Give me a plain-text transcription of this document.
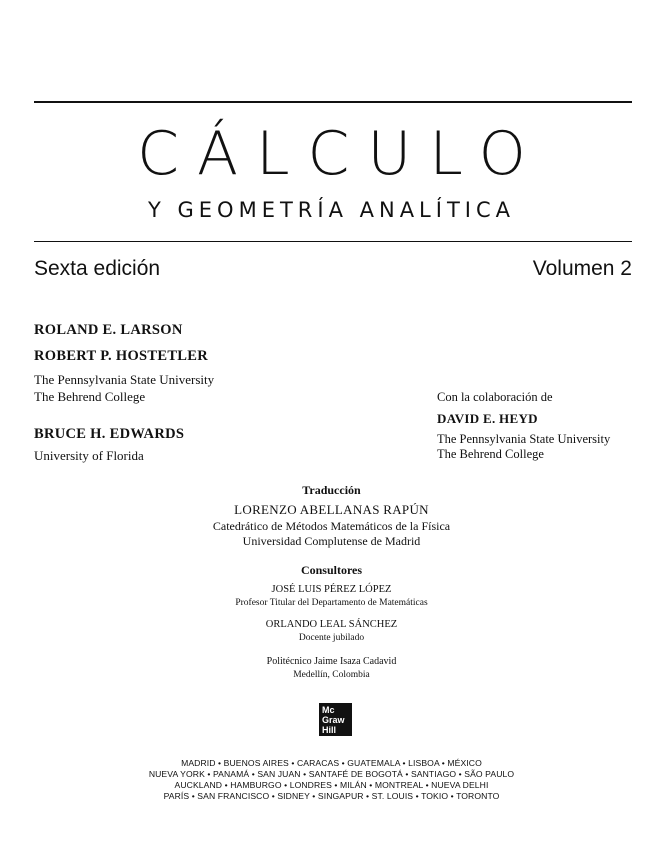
CÁLCULO
Y GEOMETRÍA ANALÍTICA
Sexta edición	Volumen 2
ROLAND E. LARSON
ROBERT P. HOSTETLER
The Pennsylvania State University
The Behrend College
BRUCE H. EDWARDS
University of Florida
Con la colaboración de
DAVID E. HEYD
The Pennsylvania State University
The Behrend College
Traducción
LORENZO ABELLANAS RAPÚN
Catedrático de Métodos Matemáticos de la Física
Universidad Complutense de Madrid
Consultores
JOSÉ LUIS PÉREZ LÓPEZ
Profesor Titular del Departamento de Matemáticas
ORLANDO LEAL SÁNCHEZ
Docente jubilado
Politécnico Jaime Isaza Cadavid
Medellín, Colombia
Mc Graw Hill
MADRID • BUENOS AIRES • CARACAS • GUATEMALA • LISBOA • MÉXICO
NUEVA YORK • PANAMÁ • SAN JUAN • SANTAFÉ DE BOGOTÁ • SANTIAGO • SÃO PAULO
AUCKLAND • HAMBURGO • LONDRES • MILÁN • MONTREAL • NUEVA DELHI
PARÍS • SAN FRANCISCO • SIDNEY • SINGAPUR • ST. LOUIS • TOKIO • TORONTO
